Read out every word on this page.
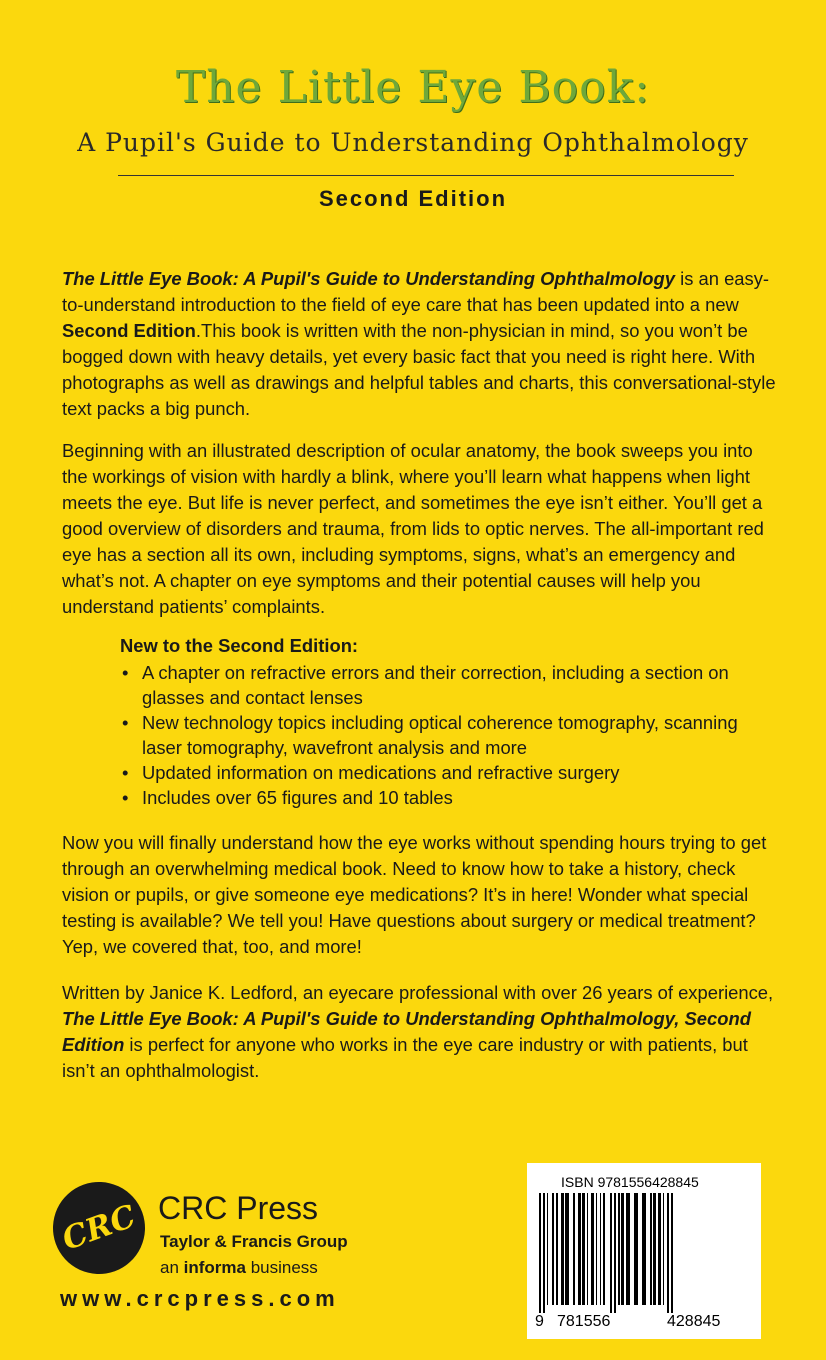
The Little Eye Book:
A Pupil's Guide to Understanding Ophthalmology
Second Edition

The Little Eye Book: A Pupil's Guide to Understanding Ophthalmology is an easy-to-understand introduction to the field of eye care that has been updated into a new Second Edition.This book is written with the non-physician in mind, so you won’t be bogged down with heavy details, yet every basic fact that you need is right here. With photographs as well as drawings and helpful tables and charts, this conversational-style text packs a big punch.

Beginning with an illustrated description of ocular anatomy, the book sweeps you into the workings of vision with hardly a blink, where you’ll learn what happens when light meets the eye. But life is never perfect, and sometimes the eye isn’t either. You’ll get a good overview of disorders and trauma, from lids to optic nerves. The all-important red eye has a section all its own, including symptoms, signs, what’s an emergency and what’s not. A chapter on eye symptoms and their potential causes will help you understand patients’ complaints.

New to the Second Edition:

• A chapter on refractive errors and their correction, including a section on glasses and contact lenses
• New technology topics including optical coherence tomography, scanning laser tomography, wavefront analysis and more
• Updated information on medications and refractive surgery
• Includes over 65 figures and 10 tables

Now you will finally understand how the eye works without spending hours trying to get through an overwhelming medical book. Need to know how to take a history, check vision or pupils, or give someone eye medications? It’s in here! Wonder what special testing is available? We tell you! Have questions about surgery or medical treatment? Yep, we covered that, too, and more!

Written by Janice K. Ledford, an eyecare professional with over 26 years of experience, The Little Eye Book: A Pupil's Guide to Understanding Ophthalmology, Second Edition is perfect for anyone who works in the eye care industry or with patients, but isn’t an ophthalmologist.

CRC CRC Press
Taylor & Francis Group
an informa business
www.crcpress.com
ISBN 9781556428845
9 781556	428845
